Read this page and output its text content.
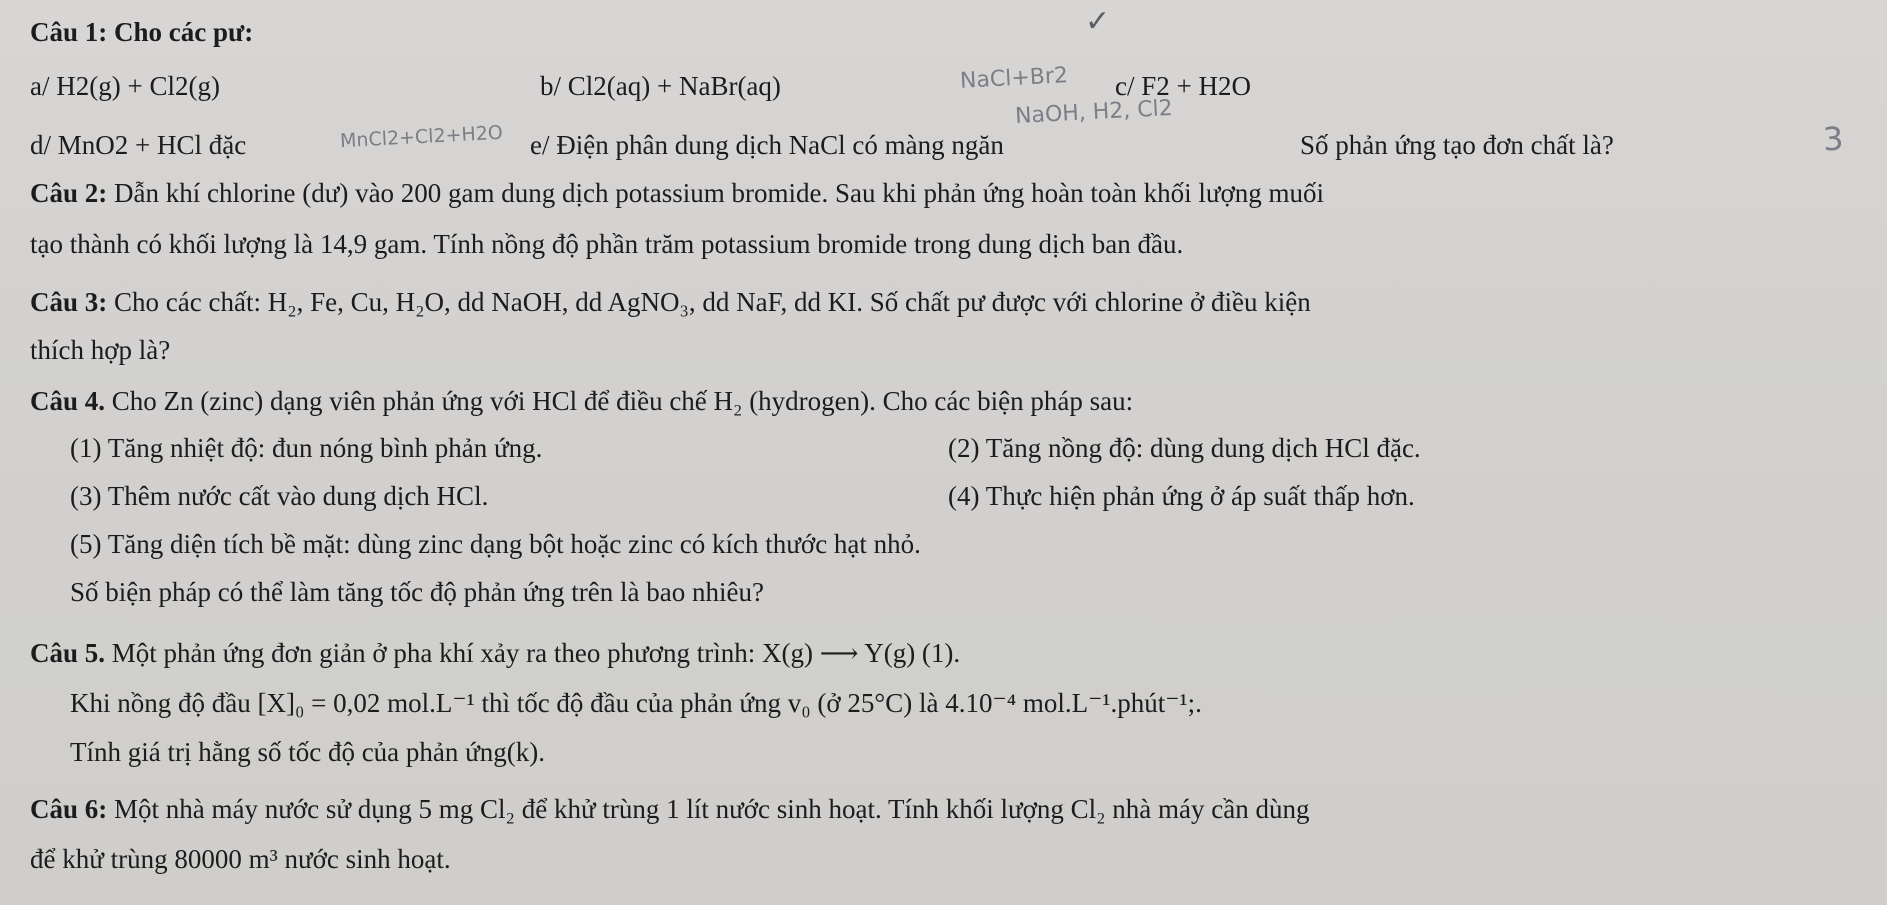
Câu 1: Cho các pư:	✓
a/ H2(g) + Cl2(g)	b/ Cl2(aq) + NaBr(aq)	NaCl+Br2 c/ F2 + H2O
NaOH, H2, Cl2
d/ MnO2 + HCl đặc	MnCl2+Cl2+H2O e/ Điện phân dung dịch NaCl có màng ngăn	Số phản ứng tạo đơn chất là?	3
Câu 2: Dẫn khí chlorine (dư) vào 200 gam dung dịch potassium bromide. Sau khi phản ứng hoàn toàn khối lượng muối
tạo thành có khối lượng là 14,9 gam. Tính nồng độ phần trăm potassium bromide trong dung dịch ban đầu.
Câu 3: Cho các chất: H₂, Fe, Cu, H₂O, dd NaOH, dd AgNO₃, dd NaF, dd KI. Số chất pư được với chlorine ở điều kiện
thích hợp là?
Câu 4. Cho Zn (zinc) dạng viên phản ứng với HCl để điều chế H₂ (hydrogen). Cho các biện pháp sau:
(1) Tăng nhiệt độ: đun nóng bình phản ứng.	(2) Tăng nồng độ: dùng dung dịch HCl đặc.
(3) Thêm nước cất vào dung dịch HCl.	(4) Thực hiện phản ứng ở áp suất thấp hơn.
(5) Tăng diện tích bề mặt: dùng zinc dạng bột hoặc zinc có kích thước hạt nhỏ.
Số biện pháp có thể làm tăng tốc độ phản ứng trên là bao nhiêu?
Câu 5. Một phản ứng đơn giản ở pha khí xảy ra theo phương trình: X(g) ⟶ Y(g) (1).
Khi nồng độ đầu [X]₀ = 0,02 mol.L⁻¹ thì tốc độ đầu của phản ứng v₀ (ở 25°C) là 4.10⁻⁴ mol.L⁻¹.phút⁻¹;.
Tính giá trị hằng số tốc độ của phản ứng(k).
Câu 6: Một nhà máy nước sử dụng 5 mg Cl₂ để khử trùng 1 lít nước sinh hoạt. Tính khối lượng Cl₂ nhà máy cần dùng
để khử trùng 80000 m³ nước sinh hoạt.
